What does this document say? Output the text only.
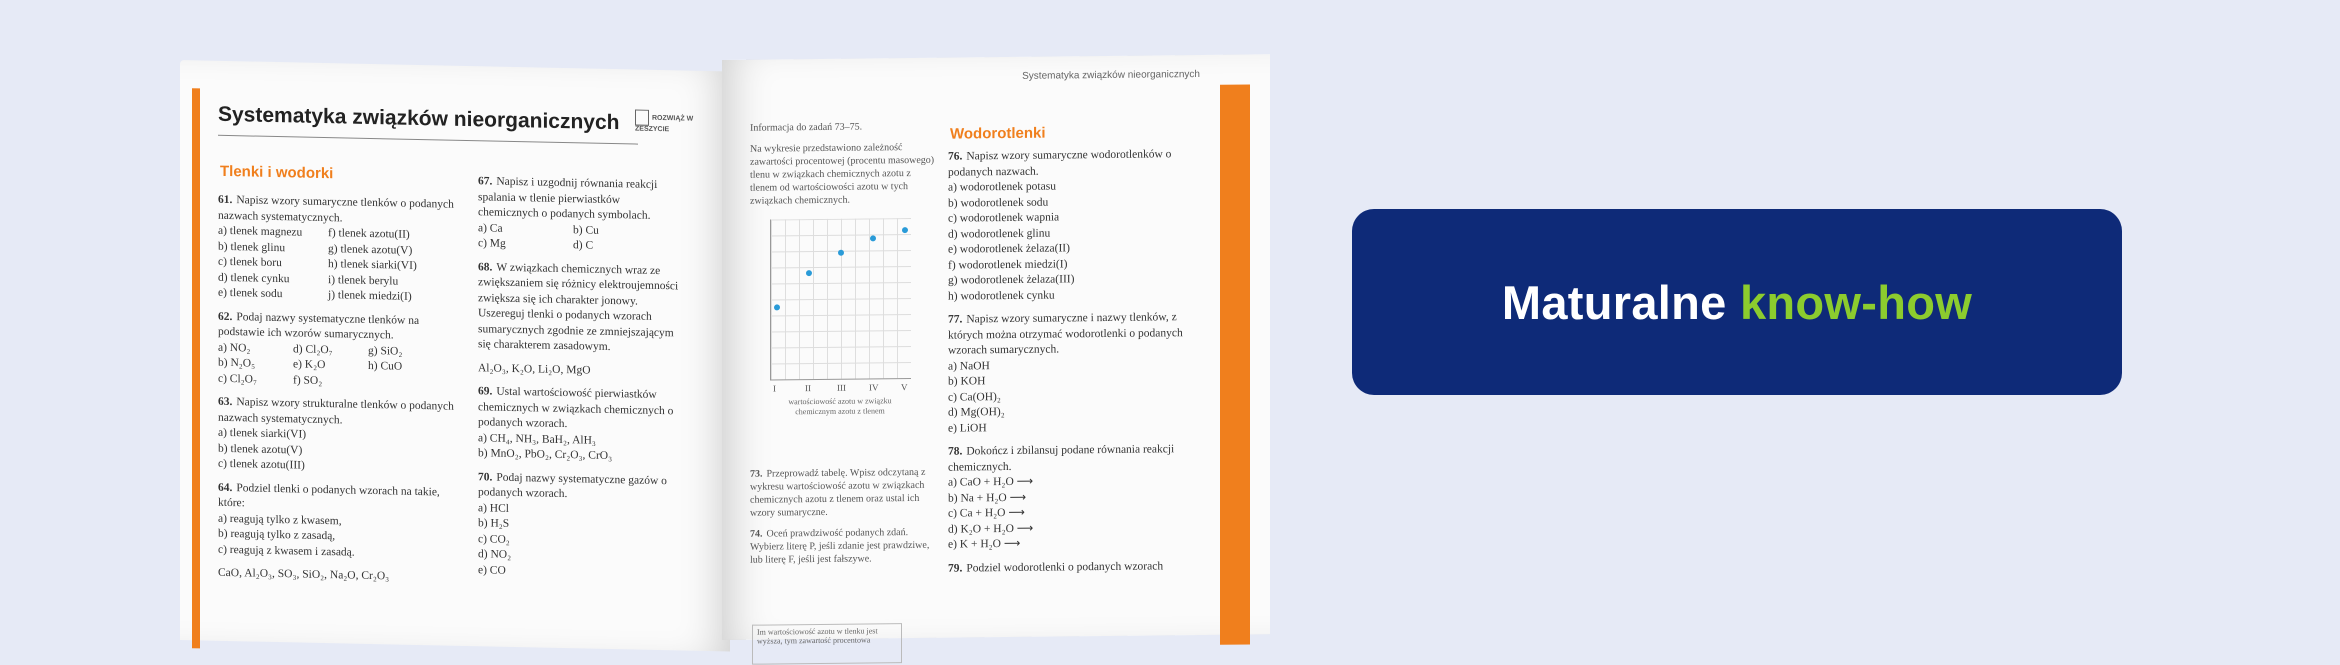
Systematyka związków nieorganicznych	ROZWIĄŻ W ZESZYCIE
Tlenki i wodorki

61. Napisz wzory sumaryczne tlenków o podanych nazwach systematycznych.

a) tlenek magnezu	f) tlenek azotu(II)
b) tlenek glinu	g) tlenek azotu(V)
c) tlenek boru	h) tlenek siarki(VI)
d) tlenek cynku	i) tlenek berylu
e) tlenek sodu	j) tlenek miedzi(I)

62. Podaj nazwy systematyczne tlenków na podstawie ich wzorów sumarycznych.

a) NO₂	d) Cl₂O₇	g) SiO₂
b) N₂O₅	e) K₂O	h) CuO
c) Cl₂O₇	f) SO₂

63. Napisz wzory strukturalne tlenków o podanych nazwach systematycznych.

a) tlenek siarki(VI)

b) tlenek azotu(V)

c) tlenek azotu(III)

64. Podziel tlenki o podanych wzorach na takie, które:

a) reagują tylko z kwasem,

b) reagują tylko z zasadą,

c) reagują z kwasem i zasadą.

CaO, Al₂O₃, SO₃, SiO₂, Na₂O, Cr₂O₃

67. Napisz i uzgodnij równania reakcji spalania w tlenie pierwiastków chemicznych o podanych symbolach.

a) Ca	b) Cu
c) Mg	d) C

68. W związkach chemicznych wraz ze zwiększaniem się różnicy elektroujemności zwiększa się ich charakter jonowy. Uszereguj tlenki o podanych wzorach sumarycznych zgodnie ze zmniejszającym się charakterem zasadowym.

Al₂O₃, K₂O, Li₂O, MgO

69. Ustal wartościowość pierwiastków chemicznych w związkach chemicznych o podanych wzorach.

a) CH₄, NH₃, BaH₂, AlH₃

b) MnO₂, PbO₂, Cr₂O₃, CrO₃

70. Podaj nazwy systematyczne gazów o podanych wzorach.

a) HCl

b) H₂S

c) CO₂

d) NO₂

e) CO

Systematyka związków nieorganicznych

Informacja do zadań 73–75.

Na wykresie przedstawiono zależność zawartości procentowej (procentu masowego) tlenu w związkach chemicznych azotu z tlenem od wartościowości azotu w tych związkach chemicznych.

wartościowość azotu w związku chemicznym azotu z tlenem
I	II	III	IV	V

73. Przeprowadź tabelę. Wpisz odczytaną z wykresu wartościowość azotu w związkach chemicznych azotu z tlenem oraz ustal ich wzory sumaryczne.

74. Oceń prawdziwość podanych zdań. Wybierz literę P, jeśli zdanie jest prawdziwe, lub literę F, jeśli jest fałszywe.

Im wartościowość azotu w tlenku jest wyższa, tym zawartość procentowa
Wodorotlenki

76. Napisz wzory sumaryczne wodorotlenków o podanych nazwach.

a) wodorotlenek potasu

b) wodorotlenek sodu

c) wodorotlenek wapnia

d) wodorotlenek glinu

e) wodorotlenek żelaza(II)

f) wodorotlenek miedzi(I)

g) wodorotlenek żelaza(III)

h) wodorotlenek cynku

77. Napisz wzory sumaryczne i nazwy tlenków, z których można otrzymać wodorotlenki o podanych wzorach sumarycznych.

a) NaOH

b) KOH

c) Ca(OH)₂

d) Mg(OH)₂

e) LiOH

78. Dokończ i zbilansuj podane równania reakcji chemicznych.

a) CaO + H₂O ⟶

b) Na + H₂O ⟶

c) Ca + H₂O ⟶

d) K₂O + H₂O ⟶

e) K + H₂O ⟶

79. Podziel wodorotlenki o podanych wzorach

Maturalne know-how
